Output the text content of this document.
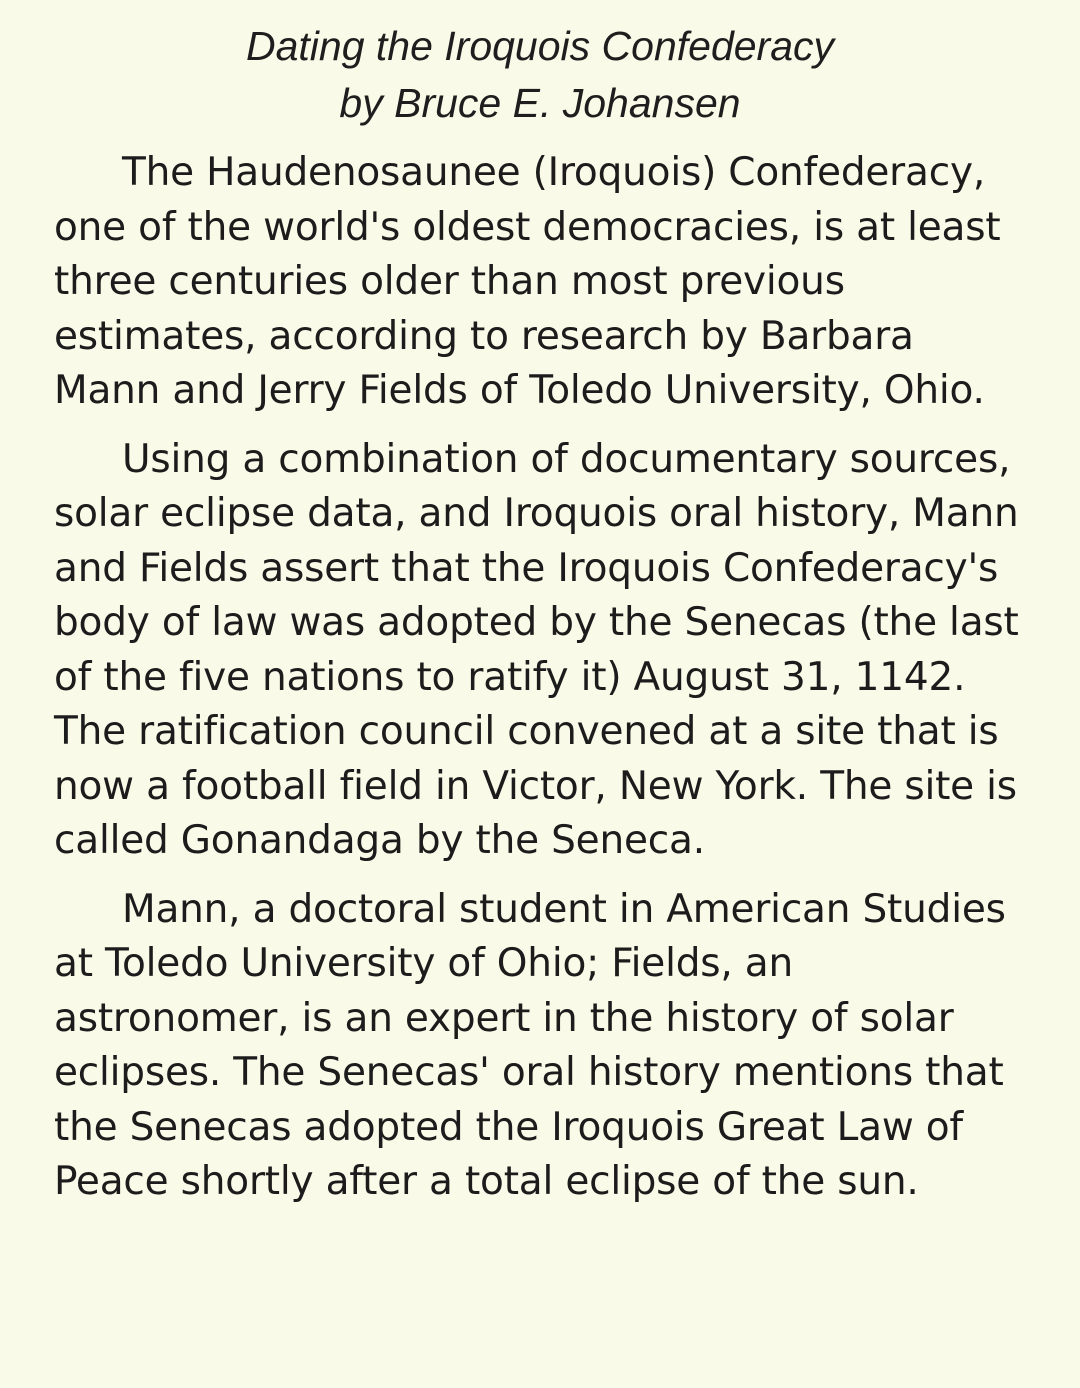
Dating the Iroquois Confederacy
by Bruce E. Johansen

The Haudenosaunee (Iroquois) Confederacy, one of the world's oldest democracies, is at least three centuries older than most previous estimates, according to research by Barbara Mann and Jerry Fields of Toledo University, Ohio.

Using a combination of documentary sources, solar eclipse data, and Iroquois oral history, Mann and Fields assert that the Iroquois Confederacy's body of law was adopted by the Senecas (the last of the five nations to ratify it) August 31, 1142. The ratification council convened at a site that is now a football field in Victor, New York. The site is called Gonandaga by the Seneca.

Mann, a doctoral student in American Studies at Toledo University of Ohio; Fields, an astronomer, is an expert in the history of solar eclipses. The Senecas' oral history mentions that the Senecas adopted the Iroquois Great Law of Peace shortly after a total eclipse of the sun.
